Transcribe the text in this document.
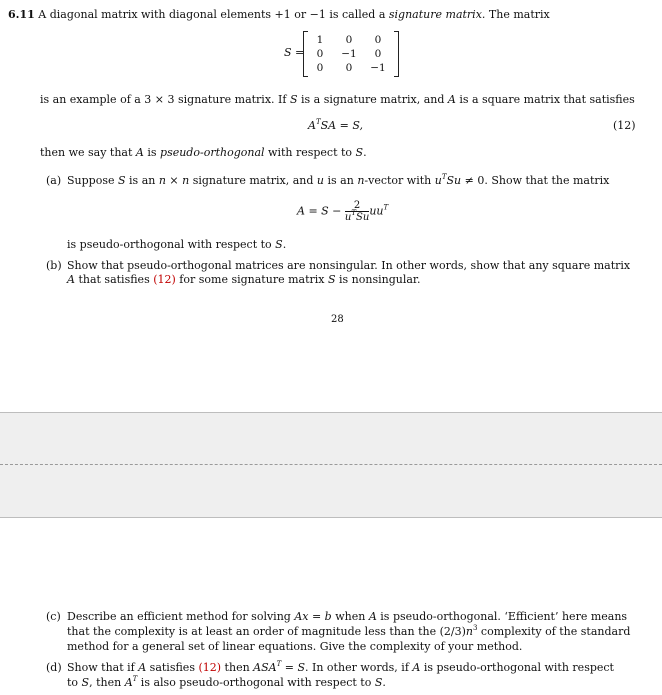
6.11 A diagonal matrix with diagonal elements +1 or −1 is called a signature matrix. The matrix
S =
1	0	0
0	−1	0
0	0	−1
is an example of a 3 × 3 signature matrix. If S is a signature matrix, and A is a square matrix that satisfies
$A^TSA = S$,	(12)
then we say that A is pseudo-orthogonal with respect to S.
(a) Suppose S is an n × n signature matrix, and u is an n-vector with $u^TSu \ne 0$. Show that the matrix
$A = S - \frac{2}{u^TSu} uu^T$
is pseudo-orthogonal with respect to S.
(b) Show that pseudo-orthogonal matrices are nonsingular. In other words, show that any square matrix
A that satisfies (12) for some signature matrix S is nonsingular.
28
(c) Describe an efficient method for solving Ax = b when A is pseudo-orthogonal. ‘Efficient’ here means
that the complexity is at least an order of magnitude less than the $(2/3)n^3$ complexity of the standard
method for a general set of linear equations. Give the complexity of your method.
(d) Show that if A satisfies (12) then $ASA^T = S$. In other words, if A is pseudo-orthogonal with respect
to S, then $A^T$ is also pseudo-orthogonal with respect to S.
